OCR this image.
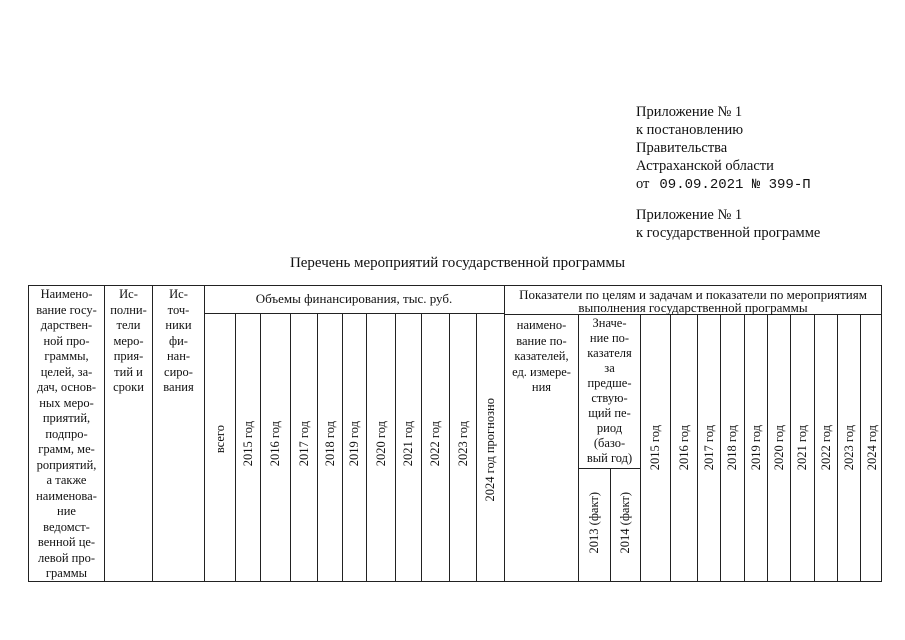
Приложение № 1
к постановлению
Правительства
Астраханской области
от 09.09.2021 № 399-П
Приложение № 1
к государственной программе
Перечень мероприятий государственной программы
Наимено-
вание госу-
дарствен-
ной про-
граммы,
целей, за-
дач, основ-
ных меро-
приятий,
подпро-
грамм, ме-
роприятий,
а также
наименова-
ние
ведомст-
венной це-
левой про-
граммы
Ис-
полни-
тели
меро-
прия-
тий и
сроки
Ис-
точ-
ники
фи-
нан-
сиро-
вания
Объемы финансирования, тыс. руб.
всего 2015 год 2016 год 2017 год 2018 год 2019 год 2020 год 2021 год 2022 год 2023 год 2024 год прогнозно
Показатели по целям и задачам и показатели по мероприятиям
выполнения государственной программы
наимено-
вание по-
казателей,
ед. измере-
ния
Значе-
ние по-
казателя
за
предше-
ствую-
щий пе-
риод
(базо-
вый год)
2013 (факт) 2014 (факт)
2015 год 2016 год 2017 год 2018 год 2019 год 2020 год 2021 год 2022 год 2023 год 2024 год
